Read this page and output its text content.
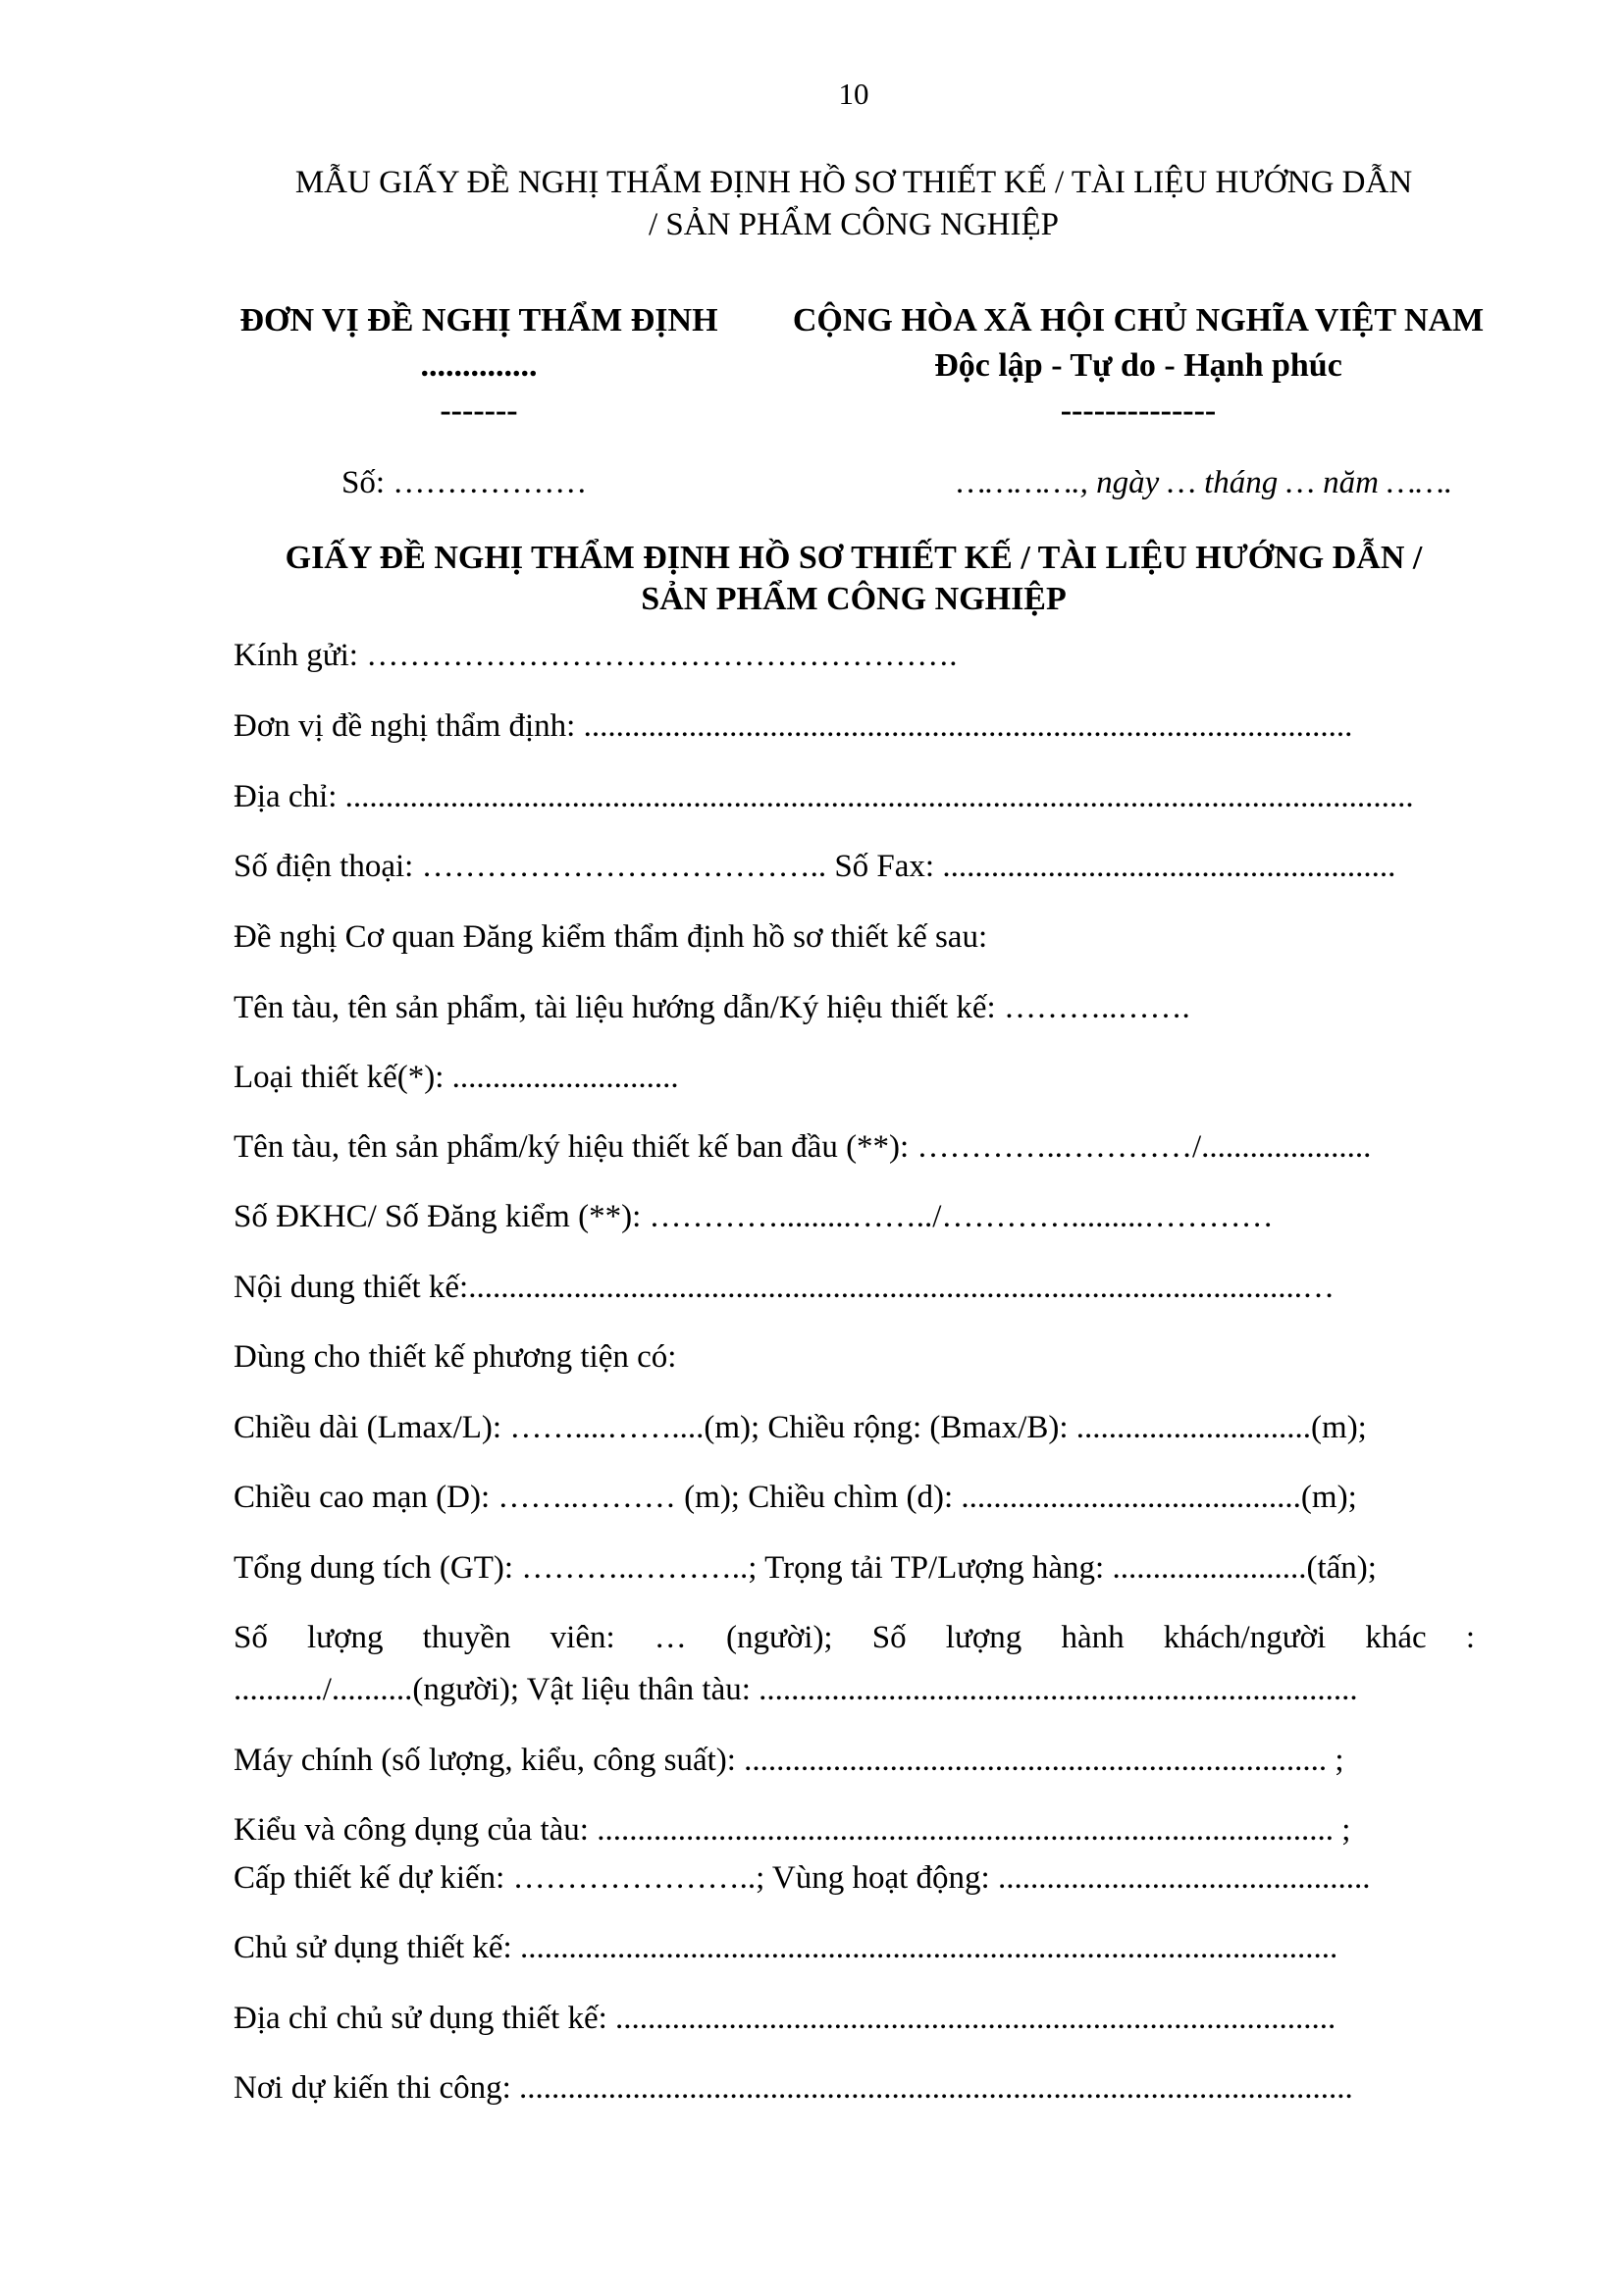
10
MẪU GIẤY ĐỀ NGHỊ THẨM ĐỊNH HỒ SƠ THIẾT KẾ / TÀI LIỆU HƯỚNG DẪN
/ SẢN PHẨM CÔNG NGHIỆP
ĐƠN VỊ ĐỀ NGHỊ THẨM ĐỊNH
..............
-------
CỘNG HÒA XÃ HỘI CHỦ NGHĨA VIỆT NAM
Độc lập - Tự do - Hạnh phúc
--------------
Số: ………………	…………., ngày … tháng … năm …….
GIẤY ĐỀ NGHỊ THẨM ĐỊNH HỒ SƠ THIẾT KẾ / TÀI LIỆU HƯỚNG DẪN /
SẢN PHẨM CÔNG NGHIỆP
Kính gửi: ……………………………………………….
Đơn vị đề nghị thẩm định: ...............................................................................................
Địa chỉ: ....................................................................................................................................
Số điện thoại: ……………………………….. Số Fax: ........................................................
Đề nghị Cơ quan Đăng kiểm thẩm định hồ sơ thiết kế sau:
Tên tàu, tên sản phẩm, tài liệu hướng dẫn/Ký hiệu thiết kế: ………..…….
Loại thiết kế(*): ............................
Tên tàu, tên sản phẩm/ký hiệu thiết kế ban đầu (**): …………..…………/.....................
Số ĐKHC/ Số Đăng kiểm (**): ………….........……../………….........…………
Nội dung thiết kế:.......................................................................................................…
Dùng cho thiết kế phương tiện có:
Chiều dài (Lmax/L): ……....……....(m); Chiều rộng: (Bmax/B): .............................(m);
Chiều cao mạn (D): ……..……… (m); Chiều chìm (d): ..........................................(m);
Tổng dung tích (GT): ………..………..; Trọng tải TP/Lượng hàng: ........................(tấn);
Số lượng thuyền viên: … (người); Số lượng hành khách/người khác :
.........../..........(người); Vật liệu thân tàu: ..........................................................................
Máy chính (số lượng, kiểu, công suất): ........................................................................ ;
Kiểu và công dụng của tàu: ........................................................................................... ;
Cấp thiết kế dự kiến: …………………..; Vùng hoạt động: ..............................................
Chủ sử dụng thiết kế: .....................................................................................................
Địa chỉ chủ sử dụng thiết kế: .........................................................................................
Nơi dự kiến thi công: .......................................................................................................
